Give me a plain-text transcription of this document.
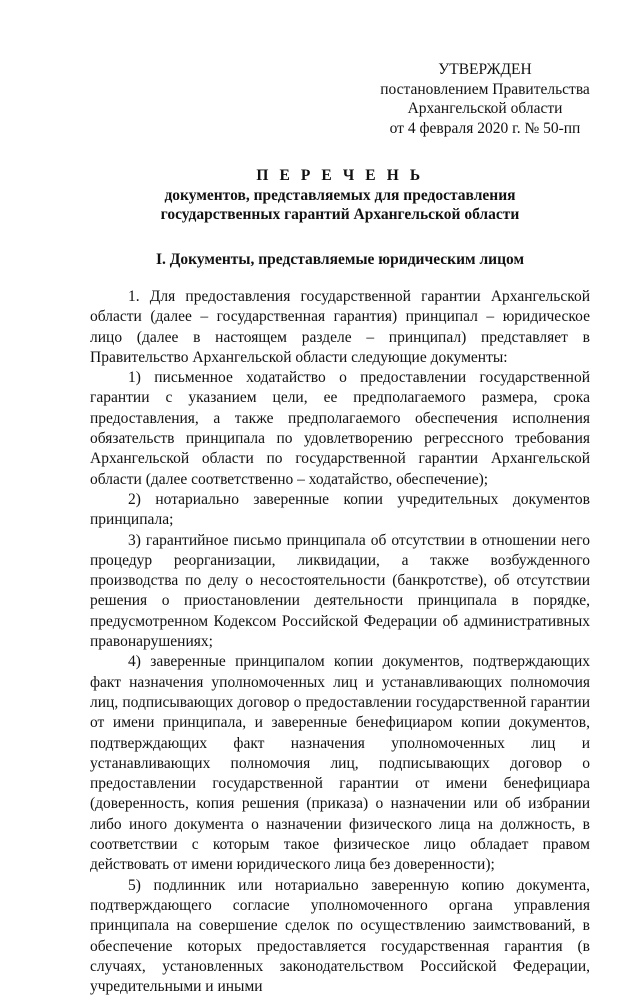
УТВЕРЖДЕН
постановлением Правительства
Архангельской области
от 4 февраля 2020 г. № 50-пп
П Е Р Е Ч Е Н Ь
документов, представляемых для предоставления
государственных гарантий Архангельской области
I. Документы, представляемые юридическим лицом

1. Для предоставления государственной гарантии Архангельской области (далее – государственная гарантия) принципал – юридическое лицо (далее в настоящем разделе – принципал) представляет в Правительство Архангельской области следующие документы:

1) письменное ходатайство о предоставлении государственной гарантии с указанием цели, ее предполагаемого размера, срока предоставления, а также предполагаемого обеспечения исполнения обязательств принципала по удовлетворению регрессного требования Архангельской области по государственной гарантии Архангельской области (далее соответственно – ходатайство, обеспечение);

2) нотариально заверенные копии учредительных документов принципала;

3) гарантийное письмо принципала об отсутствии в отношении него процедур реорганизации, ликвидации, а также возбужденного производства по делу о несостоятельности (банкротстве), об отсутствии решения о приостановлении деятельности принципала в порядке, предусмотренном Кодексом Российской Федерации об административных правонарушениях;

4) заверенные принципалом копии документов, подтверждающих факт назначения уполномоченных лиц и устанавливающих полномочия лиц, подписывающих договор о предоставлении государственной гарантии от имени принципала, и заверенные бенефициаром копии документов, подтверждающих факт назначения уполномоченных лиц и устанавливающих полномочия лиц, подписывающих договор о предоставлении государственной гарантии от имени бенефициара (доверенность, копия решения (приказа) о назначении или об избрании либо иного документа о назначении физического лица на должность, в соответствии с которым такое физическое лицо обладает правом действовать от имени юридического лица без доверенности);

5) подлинник или нотариально заверенную копию документа, подтверждающего согласие уполномоченного органа управления принципала на совершение сделок по осуществлению заимствований, в обеспечение которых предоставляется государственная гарантия (в случаях, установленных законодательством Российской Федерации, учредительными и иными
